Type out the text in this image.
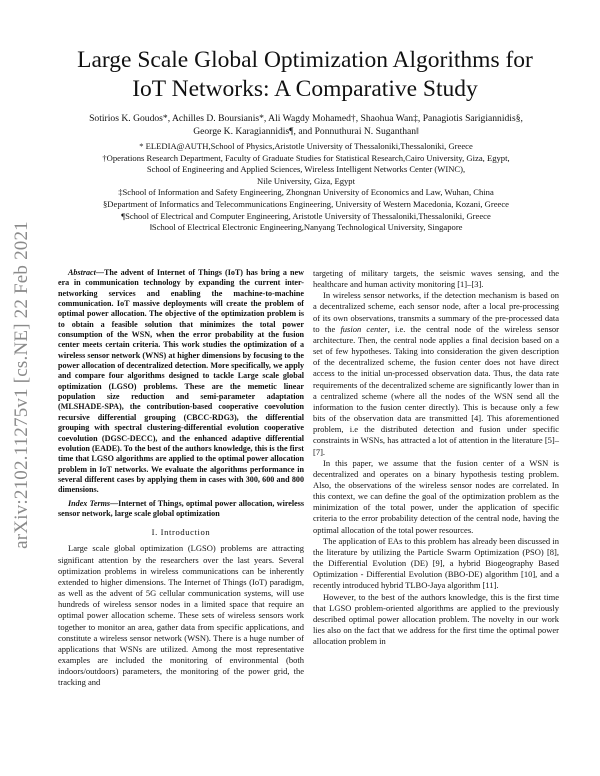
arXiv:2102.11275v1 [cs.NE] 22 Feb 2021
Large Scale Global Optimization Algorithms for
IoT Networks: A Comparative Study
Sotirios K. Goudos*, Achilles D. Boursianis*, Ali Wagdy Mohamed†, Shaohua Wan‡, Panagiotis Sarigiannidis§,
George K. Karagiannidis¶, and Ponnuthurai N. Suganthan‖
* ELEDIA@AUTH,School of Physics,Aristotle University of Thessaloniki,Thessaloniki, Greece
†Operations Research Department, Faculty of Graduate Studies for Statistical Research,Cairo University, Giza, Egypt,
School of Engineering and Applied Sciences, Wireless Intelligent Networks Center (WINC),
Nile University, Giza, Egypt
‡School of Information and Safety Engineering, Zhongnan University of Economics and Law, Wuhan, China
§Department of Informatics and Telecommunications Engineering, University of Western Macedonia, Kozani, Greece
¶School of Electrical and Computer Engineering, Aristotle University of Thessaloniki,Thessaloniki, Greece
‖School of Electrical Electronic Engineering,Nanyang Technological University, Singapore

Abstract—The advent of Internet of Things (IoT) has bring a new era in communication technology by expanding the current inter-networking services and enabling the machine-to-machine communication. IoT massive deployments will create the problem of optimal power allocation. The objective of the optimization problem is to obtain a feasible solution that minimizes the total power consumption of the WSN, when the error probability at the fusion center meets certain criteria. This work studies the optimization of a wireless sensor network (WNS) at higher dimensions by focusing to the power allocation of decentralized detection. More specifically, we apply and compare four algorithms designed to tackle Large scale global optimization (LGSO) problems. These are the memetic linear population size reduction and semi-parameter adaptation (MLSHADE-SPA), the contribution-based cooperative coevolution recursive differential grouping (CBCC-RDG3), the differential grouping with spectral clustering-differential evolution cooperative coevolution (DGSC-DECC), and the enhanced adaptive differential evolution (EADE). To the best of the authors knowledge, this is the first time that LGSO algorithms are applied to the optimal power allocation problem in IoT networks. We evaluate the algorithms performance in several different cases by applying them in cases with 300, 600 and 800 dimensions.

Index Terms—Internet of Things, optimal power allocation, wireless sensor network, large scale global optimization

I. Introduction

Large scale global optimization (LGSO) problems are attracting significant attention by the researchers over the last years. Several optimization problems in wireless communications can be inherently extended to higher dimensions. The Internet of Things (IoT) paradigm, as well as the advent of 5G cellular communication systems, will use hundreds of wireless sensor nodes in a limited space that require an optimal power allocation scheme. These sets of wireless sensors work together to monitor an area, gather data from specific applications, and constitute a wireless sensor network (WSN). There is a huge number of applications that WSNs are utilized. Among the most representative examples are included the monitoring of environmental (both indoors/outdoors) parameters, the monitoring of the power grid, the tracking and

targeting of military targets, the seismic waves sensing, and the healthcare and human activity monitoring [1]–[3].

In wireless sensor networks, if the detection mechanism is based on a decentralized scheme, each sensor node, after a local pre-processing of its own observations, transmits a summary of the pre-processed data to the fusion center, i.e. the central node of the wireless sensor architecture. Then, the central node applies a final decision based on a set of few hypotheses. Taking into consideration the given description of the decentralized scheme, the fusion center does not have direct access to the initial un-processed observation data. Thus, the data rate requirements of the decentralized scheme are significantly lower than in a centralized scheme (where all the nodes of the WSN send all the information to the fusion center directly). This is because only a few bits of the observation data are transmitted [4]. This aforementioned problem, i.e the distributed detection and fusion under specific constraints in WSNs, has attracted a lot of attention in the literature [5]–[7].

In this paper, we assume that the fusion center of a WSN is decentralized and operates on a binary hypothesis testing problem. Also, the observations of the wireless sensor nodes are correlated. In this context, we can define the goal of the optimization problem as the minimization of the total power, under the application of specific criteria to the error probability detection of the central node, having the optimal allocation of the total power resources.

The application of EAs to this problem has already been discussed in the literature by utilizing the Particle Swarm Optimization (PSO) [8], the Differential Evolution (DE) [9], a hybrid Biogeography Based Optimization - Differential Evolution (BBO-DE) algorithm [10], and a recently introduced hybrid TLBO-Jaya algorithm [11].

However, to the best of the authors knowledge, this is the first time that LGSO problem-oriented algorithms are applied to the previously described optimal power allocation problem. The novelty in our work lies also on the fact that we address for the first time the optimal power allocation problem in
